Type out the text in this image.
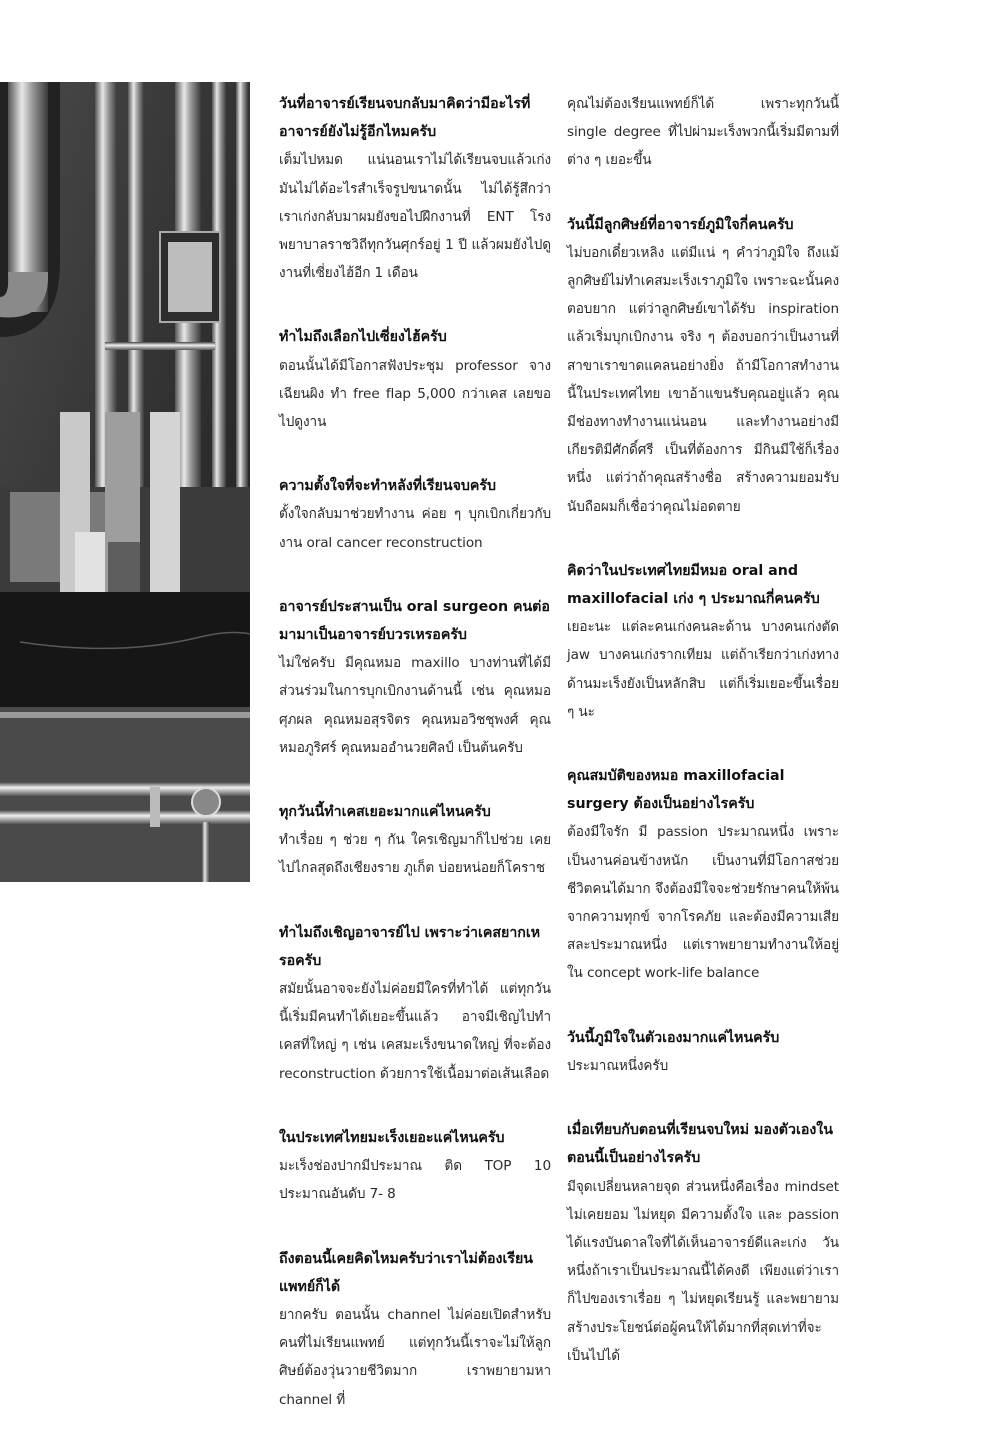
วันที่อาจารย์เรียนจบกลับมาคิดว่ามีอะไรที่อาจารย์ยังไม่รู้อีกไหมครับ

เต็มไปหมด แน่นอนเราไม่ได้เรียนจบแล้วเก่ง มันไม่ได้อะไรสำเร็จรูปขนาดนั้น ไม่ได้รู้สึกว่าเราเก่งกลับมาผมยังขอไปฝึกงานที่ ENT โรงพยาบาลราชวิถีทุกวันศุกร์อยู่ 1 ปี แล้วผมยังไปดูงานที่เซี่ยงไฮ้อีก 1 เดือน

ทำไมถึงเลือกไปเซี่ยงไฮ้ครับ

ตอนนั้นได้มีโอกาสฟังประชุม professor จางเฉียนผิง ทำ free flap 5,000 กว่าเคส เลยขอไปดูงาน

ความตั้งใจที่จะทำหลังที่เรียนจบครับ

ตั้งใจกลับมาช่วยทำงาน ค่อย ๆ บุกเบิกเกี่ยวกับงาน oral cancer reconstruction

อาจารย์ประสานเป็น oral surgeon คนต่อมามาเป็นอาจารย์บวรเหรอครับ

ไม่ใช่ครับ มีคุณหมอ maxillo บางท่านที่ได้มีส่วนร่วมในการบุกเบิกงานด้านนี้ เช่น คุณหมอศุภผล คุณหมอสุรจิตร คุณหมอวิชชุพงศ์ คุณหมอภูริศร์ คุณหมออำนวยศิลป์ เป็นต้นครับ

ทุกวันนี้ทำเคสเยอะมากแค่ไหนครับ

ทำเรื่อย ๆ ช่วย ๆ กัน ใครเชิญมาก็ไปช่วย เคยไปไกลสุดถึงเชียงราย ภูเก็ต บ่อยหน่อยก็โคราช

ทำไมถึงเชิญอาจารย์ไป เพราะว่าเคสยากเหรอครับ

สมัยนั้นอาจจะยังไม่ค่อยมีใครที่ทำได้ แต่ทุกวันนี้เริ่มมีคนทำได้เยอะขึ้นแล้ว อาจมีเชิญไปทำเคสที่ใหญ่ ๆ เช่น เคสมะเร็งขนาดใหญ่ ที่จะต้อง reconstruction ด้วยการใช้เนื้อมาต่อเส้นเลือด

ในประเทศไทยมะเร็งเยอะแค่ไหนครับ

มะเร็งช่องปากมีประมาณ ติด TOP 10 ประมาณอันดับ 7- 8

ถึงตอนนี้เคยคิดไหมครับว่าเราไม่ต้องเรียนแพทย์ก็ได้

ยากครับ ตอนนั้น channel ไม่ค่อยเปิดสำหรับคนที่ไม่เรียนแพทย์ แต่ทุกวันนี้เราจะไม่ให้ลูกศิษย์ต้องวุ่นวายชีวิตมาก เราพยายามหา channel ที่

คุณไม่ต้องเรียนแพทย์ก็ได้ เพราะทุกวันนี้ single degree ที่ไปผ่ามะเร็งพวกนี้เริ่มมีตามที่ต่าง ๆ เยอะขึ้น

วันนี้มีลูกศิษย์ที่อาจารย์ภูมิใจกี่คนครับ

ไม่บอกเดี๋ยวเหลิง แต่มีแน่ ๆ คำว่าภูมิใจ ถึงแม้ลูกศิษย์ไม่ทำเคสมะเร็งเราภูมิใจ เพราะฉะนั้นคงตอบยาก แต่ว่าลูกศิษย์เขาได้รับ inspiration แล้วเริ่มบุกเบิกงาน จริง ๆ ต้องบอกว่าเป็นงานที่สาขาเราขาดแคลนอย่างยิ่ง ถ้ามีโอกาสทำงานนี้ในประเทศไทย เขาอ้าแขนรับคุณอยู่แล้ว คุณมีช่องทางทำงานแน่นอน และทำงานอย่างมีเกียรติมีศักดิ์ศรี เป็นที่ต้องการ มีกินมีใช้ก็เรื่องหนึ่ง แต่ว่าถ้าคุณสร้างชื่อ สร้างความยอมรับนับถือผมก็เชื่อว่าคุณไม่อดตาย

คิดว่าในประเทศไทยมีหมอ oral and maxillofacial เก่ง ๆ ประมาณกี่คนครับ

เยอะนะ แต่ละคนเก่งคนละด้าน บางคนเก่งตัด jaw บางคนเก่งรากเทียม แต่ถ้าเรียกว่าเก่งทางด้านมะเร็งยังเป็นหลักสิบ แต่ก็เริ่มเยอะขึ้นเรื่อย ๆ นะ

คุณสมบัติของหมอ maxillofacial surgery ต้องเป็นอย่างไรครับ

ต้องมีใจรัก มี passion ประมาณหนึ่ง เพราะเป็นงานค่อนข้างหนัก เป็นงานที่มีโอกาสช่วยชีวิตคนได้มาก จึงต้องมีใจจะช่วยรักษาคนให้พ้นจากความทุกข์ จากโรคภัย และต้องมีความเสียสละประมาณหนึ่ง แต่เราพยายามทำงานให้อยู่ใน concept work-life balance

วันนี้ภูมิใจในตัวเองมากแค่ไหนครับ

ประมาณหนึ่งครับ

เมื่อเทียบกับตอนที่เรียนจบใหม่ มองตัวเองในตอนนี้เป็นอย่างไรครับ

มีจุดเปลี่ยนหลายจุด ส่วนหนึ่งคือเรื่อง mindset ไม่เคยยอม ไม่หยุด มีความตั้งใจ และ passion ได้แรงบันดาลใจที่ได้เห็นอาจารย์ดีและเก่ง วันหนึ่งถ้าเราเป็นประมาณนี้ได้คงดี เพียงแต่ว่าเราก็ไปของเราเรื่อย ๆ ไม่หยุดเรียนรู้ และพยายามสร้างประโยชน์ต่อผู้คนให้ได้มากที่สุดเท่าที่จะเป็นไปได้
